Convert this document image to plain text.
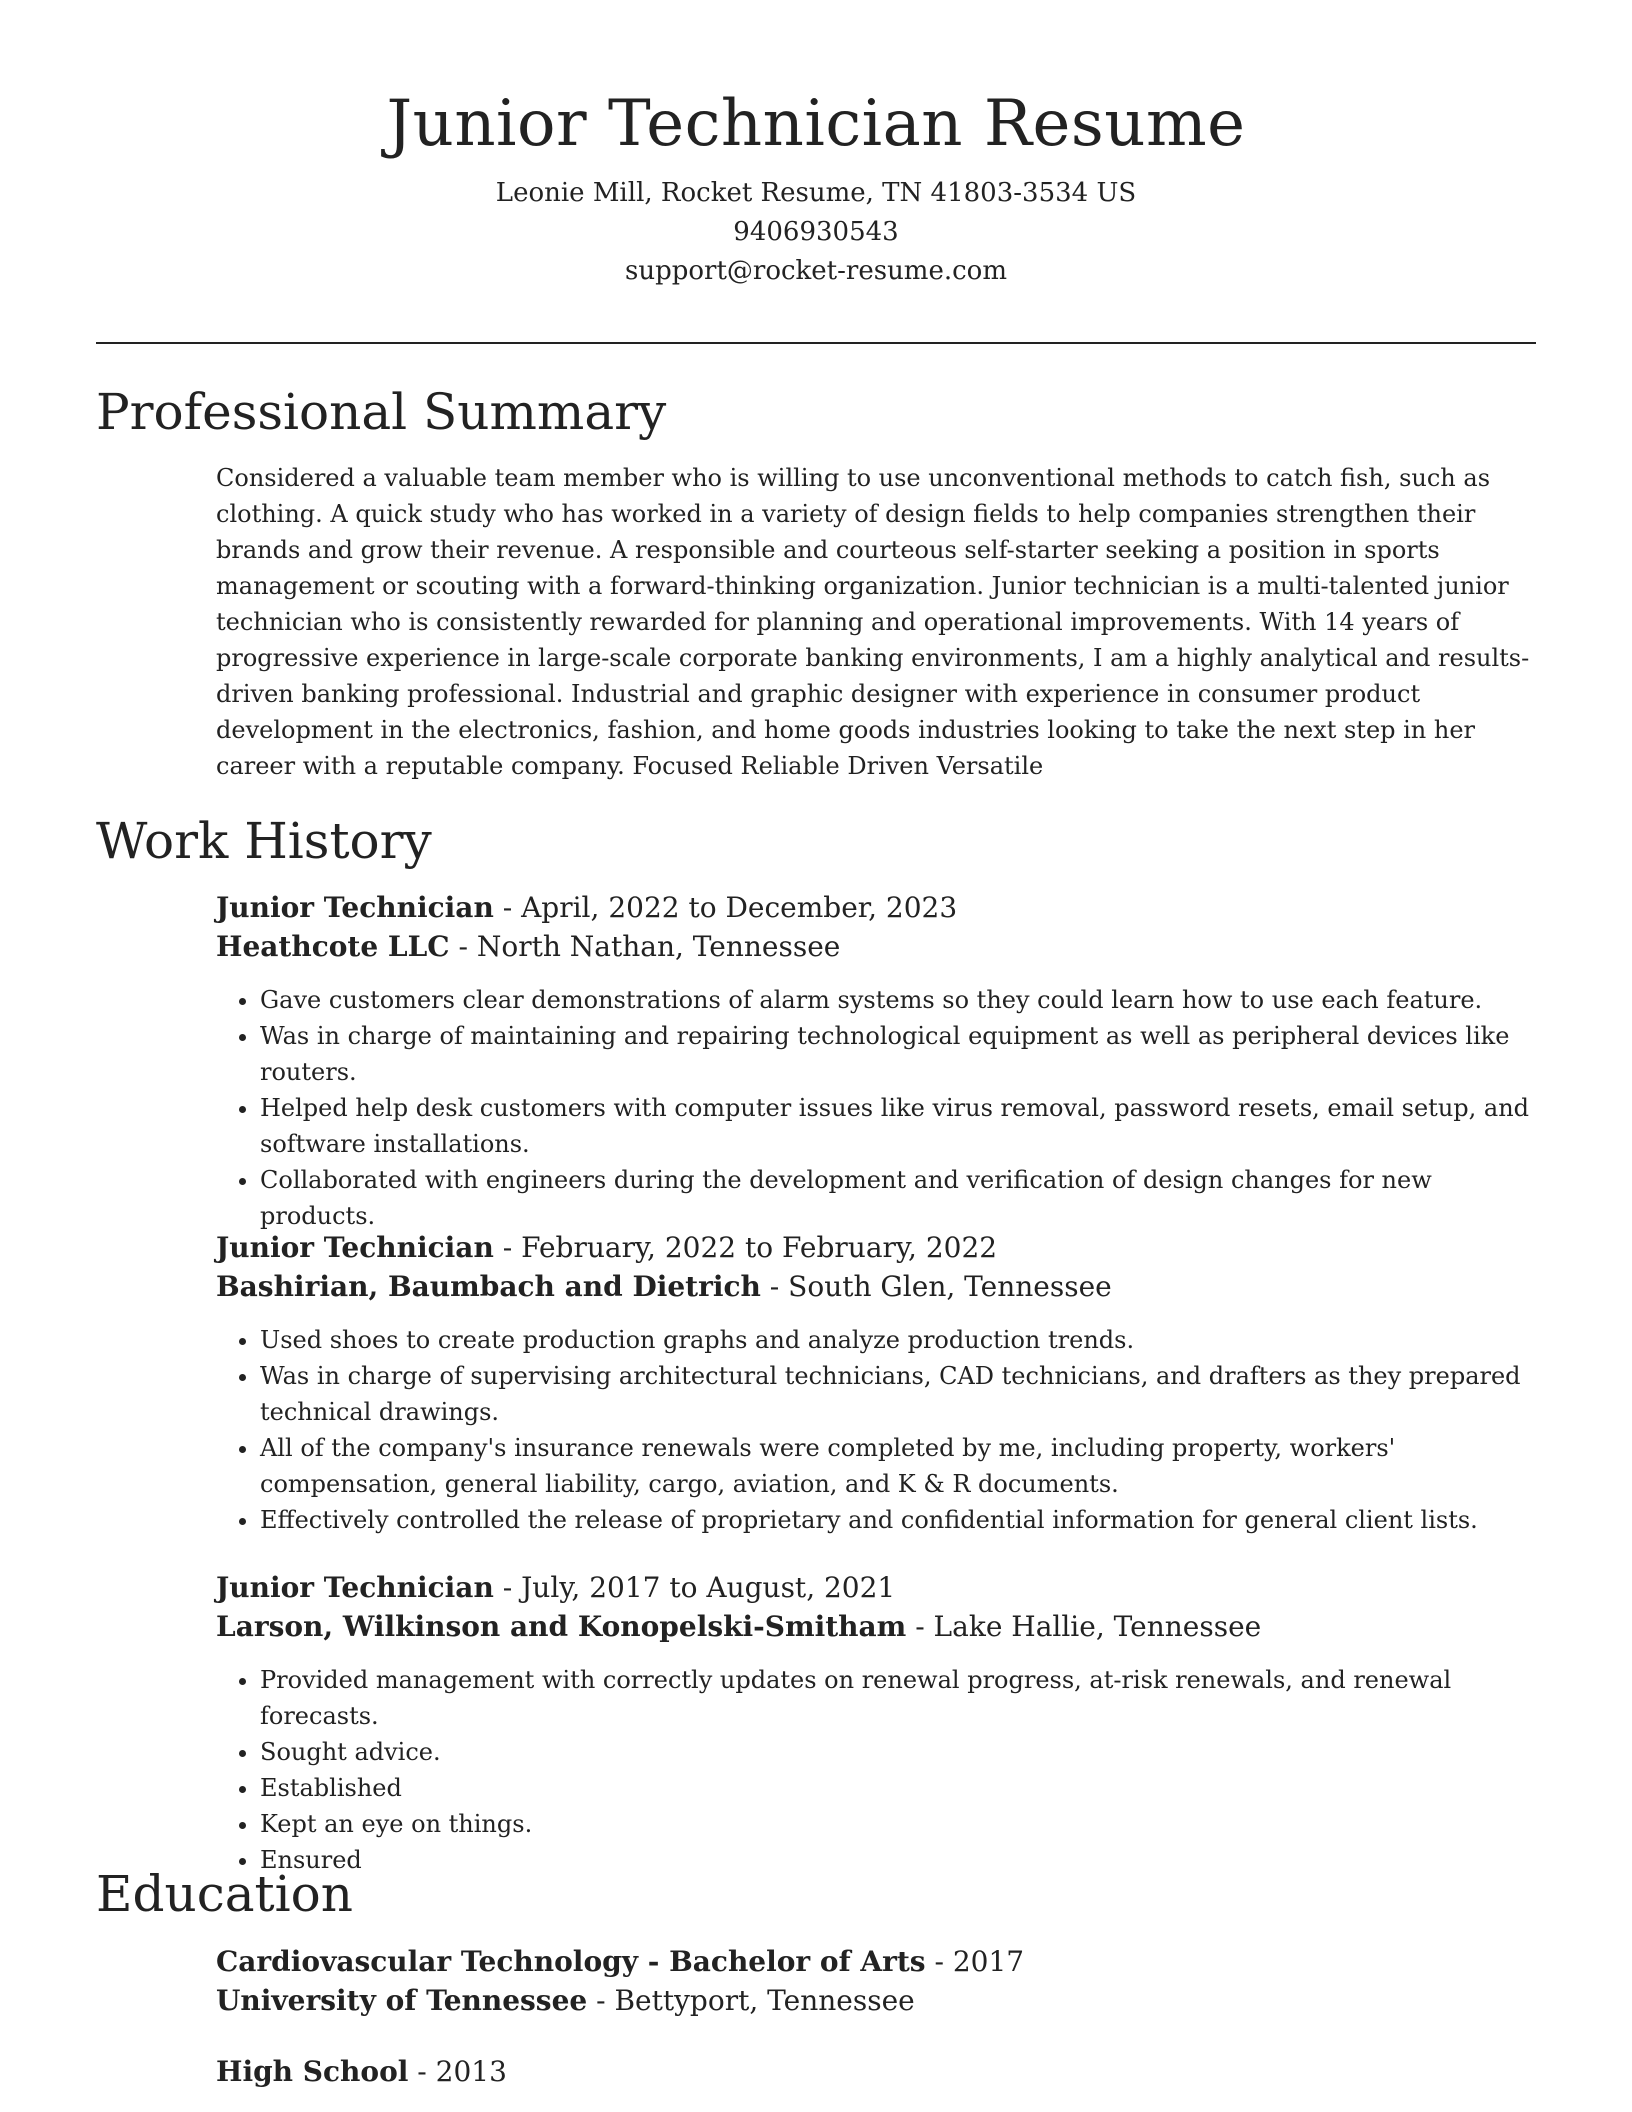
Junior Technician Resume

Leonie Mill, Rocket Resume, TN 41803-3534 US

9406930543

support@rocket-resume.com

Professional Summary

Considered a valuable team member who is willing to use unconventional methods to catch fish, such as clothing. A quick study who has worked in a variety of design fields to help companies strengthen their brands and grow their revenue. A responsible and courteous self-starter seeking a position in sports management or scouting with a forward-thinking organization. Junior technician is a multi-talented junior technician who is consistently rewarded for planning and operational improvements. With 14 years of progressive experience in large-scale corporate banking environments, I am a highly analytical and results-driven banking professional. Industrial and graphic designer with experience in consumer product development in the electronics, fashion, and home goods industries looking to take the next step in her career with a reputable company. Focused Reliable Driven Versatile

Work History

Junior Technician - April, 2022 to December, 2023

Heathcote LLC - North Nathan, Tennessee

• Gave customers clear demonstrations of alarm systems so they could learn how to use each feature.
• Was in charge of maintaining and repairing technological equipment as well as peripheral devices like routers.
• Helped help desk customers with computer issues like virus removal, password resets, email setup, and software installations.
• Collaborated with engineers during the development and verification of design changes for new products.

Junior Technician - February, 2022 to February, 2022

Bashirian, Baumbach and Dietrich - South Glen, Tennessee

• Used shoes to create production graphs and analyze production trends.
• Was in charge of supervising architectural technicians, CAD technicians, and drafters as they prepared technical drawings.
• All of the company's insurance renewals were completed by me, including property, workers' compensation, general liability, cargo, aviation, and K & R documents.
• Effectively controlled the release of proprietary and confidential information for general client lists.

Junior Technician - July, 2017 to August, 2021

Larson, Wilkinson and Konopelski-Smitham - Lake Hallie, Tennessee

• Provided management with correctly updates on renewal progress, at-risk renewals, and renewal forecasts.
• Sought advice.
• Established
• Kept an eye on things.
• Ensured
Education

Cardiovascular Technology - Bachelor of Arts - 2017

University of Tennessee - Bettyport, Tennessee

High School - 2013
